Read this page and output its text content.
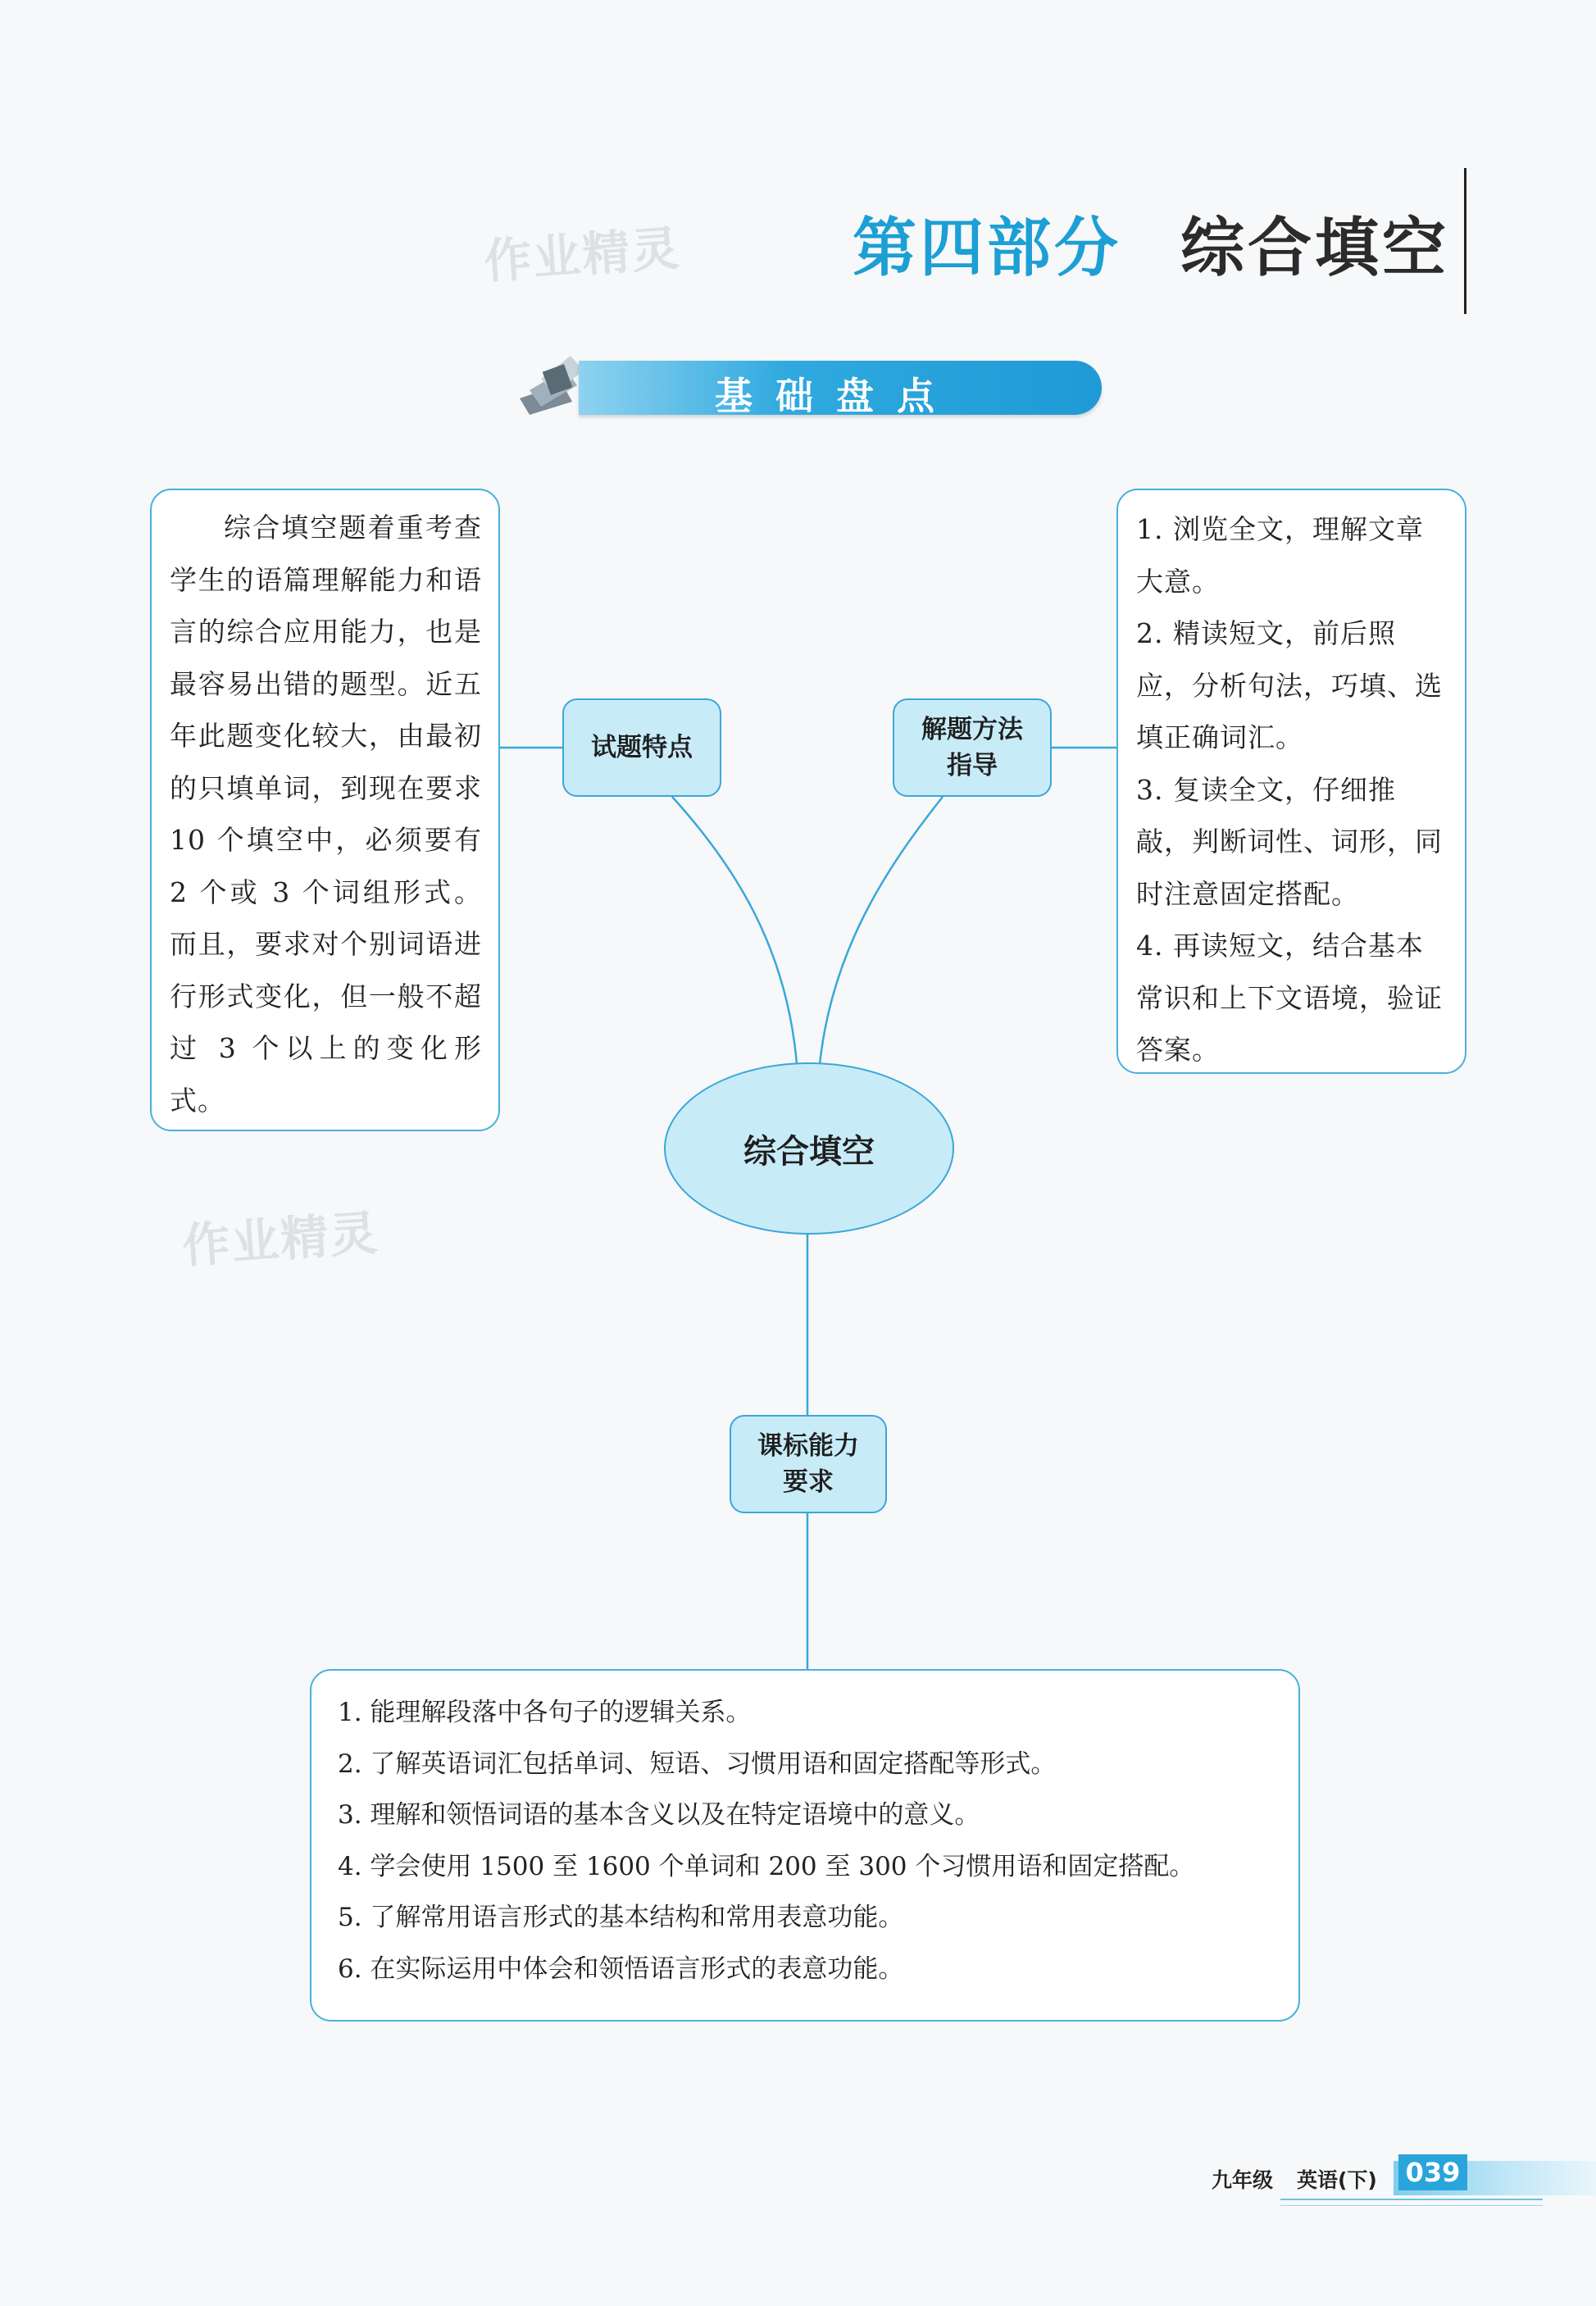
作业精灵
作业精灵
第四部分 综合填空
基础盘点
综合填空题着重考查学生的语篇理解能力和语言的综合应用能力，也是最容易出错的题型。近五年此题变化较大，由最初的只填单词，到现在要求 10 个填空中，必须要有 2 个或 3 个词组形式。而且，要求对个别词语进行形式变化，但一般不超过 3 个以上的变化形式。
试题特点
解题方法
指导

1. 浏览全文，理解文章大意。

2. 精读短文，前后照应，分析句法，巧填、选填正确词汇。

3. 复读全文，仔细推敲，判断词性、词形，同时注意固定搭配。

4. 再读短文，结合基本常识和上下文语境，验证答案。

综合填空
课标能力
要求

1. 能理解段落中各句子的逻辑关系。

2. 了解英语词汇包括单词、短语、习惯用语和固定搭配等形式。

3. 理解和领悟词语的基本含义以及在特定语境中的意义。

4. 学会使用 1500 至 1600 个单词和 200 至 300 个习惯用语和固定搭配。

5. 了解常用语言形式的基本结构和常用表意功能。

6. 在实际运用中体会和领悟语言形式的表意功能。

九年级 英语(下) 039
